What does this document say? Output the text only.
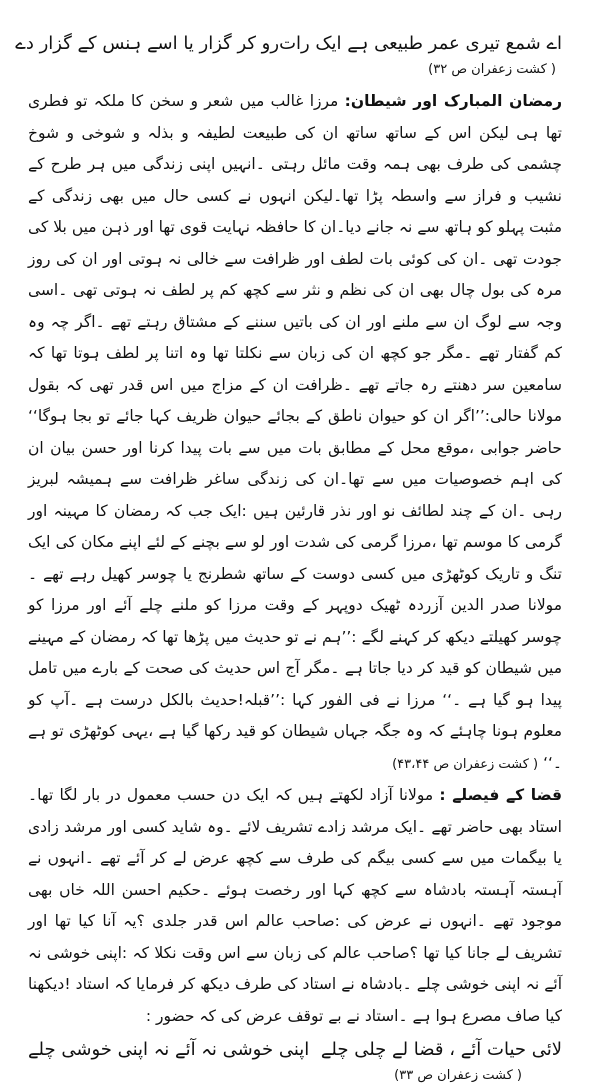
اے شمع تیری عمر طبیعی ہے ایک رات
رو کر گزار یا اسے ہنس کے گزار دے
( کشت زعفران ص ۳۲)

رمضان المبارک اور شیطان: مرزا غالب میں شعر و سخن کا ملکہ تو فطری تھا ہی لیکن اس کے ساتھ ساتھ ان کی طبیعت لطیفہ و بذلہ و شوخی و شوخ چشمی کی طرف بھی ہمہ وقت مائل رہتی ۔انہیں اپنی زندگی میں ہر طرح کے نشیب و فراز سے واسطہ پڑا تھا۔لیکن انہوں نے کسی حال میں بھی زندگی کے مثبت پہلو کو ہاتھ سے نہ جانے دیا۔ان کا حافظہ نہایت قوی تھا اور ذہن میں بلا کی جودت تھی ۔ان کی کوئی بات لطف اور ظرافت سے خالی نہ ہوتی اور ان کی روز مرہ کی بول چال بھی ان کی نظم و نثر سے کچھ کم پر لطف نہ ہوتی تھی ۔اسی وجہ سے لوگ ان سے ملنے اور ان کی باتیں سننے کے مشتاق رہتے تھے ۔اگر چہ وہ کم گفتار تھے ۔مگر جو کچھ ان کی زبان سے نکلتا تھا وہ اتنا پر لطف ہوتا تھا کہ سامعین سر دھنتے رہ جاتے تھے ۔ظرافت ان کے مزاج میں اس قدر تھی کہ بقول مولانا حالی:’’اگر ان کو حیوان ناطق کے بجائے حیوان ظریف کہا جائے تو بجا ہوگا‘‘ حاضر جوابی ،موقع محل کے مطابق بات میں سے بات پیدا کرنا اور حسن بیان ان کی اہم خصوصیات میں سے تھا۔ان کی زندگی ساغر ظرافت سے ہمیشہ لبریز رہی ۔ان کے چند لطائف نو اور نذر قارئین ہیں :ایک جب کہ رمضان کا مہینہ اور گرمی کا موسم تھا ،مرزا گرمی کی شدت اور لو سے بچنے کے لئے اپنے مکان کی ایک تنگ و تاریک کوٹھڑی میں کسی دوست کے ساتھ شطرنج یا چوسر کھیل رہے تھے ۔مولانا صدر الدین آزردہ ٹھیک دوپہر کے وقت مرزا کو ملنے چلے آئے اور مرزا کو چوسر کھیلتے دیکھ کر کہنے لگے :’’ہم نے تو حدیث میں پڑھا تھا کہ رمضان کے مہینے میں شیطان کو قید کر دیا جاتا ہے ۔مگر آج اس حدیث کی صحت کے بارے میں تامل پیدا ہو گیا ہے ۔‘‘ مرزا نے فی الفور کہا :’’قبلہ!حدیث بالکل درست ہے ۔آپ کو معلوم ہونا چاہئے کہ وہ جگہ جہاں شیطان کو قید رکھا گیا ہے ،یہی کوٹھڑی تو ہے ۔‘‘ ( کشت زعفران ص ۴۳،۴۴)

قضا کے فیصلے : مولانا آزاد لکھتے ہیں کہ ایک دن حسب معمول در بار لگا تھا۔استاد بھی حاضر تھے ۔ایک مرشد زادے تشریف لائے ۔وہ شاید کسی اور مرشد زادی یا بیگمات میں سے کسی بیگم کی طرف سے کچھ عرض لے کر آئے تھے ۔انہوں نے آہستہ آہستہ بادشاہ سے کچھ کہا اور رخصت ہوئے ۔حکیم احسن اللہ خاں بھی موجود تھے ۔انہوں نے عرض کی :صاحب عالم اس قدر جلدی ؟یہ آنا کیا تھا اور تشریف لے جانا کیا تھا ؟صاحب عالم کی زبان سے اس وقت نکلا کہ :اپنی خوشی نہ آئے نہ اپنی خوشی چلے ۔بادشاہ نے استاد کی طرف دیکھ کر فرمایا کہ استاد !دیکھنا کیا صاف مصرع ہوا ہے ۔استاد نے بے توقف عرض کی کہ حضور :

لائی حیات آئے ، قضا لے چلی چلے
اپنی خوشی نہ آئے نہ اپنی خوشی چلے
( کشت زعفران ص ۳۳)
